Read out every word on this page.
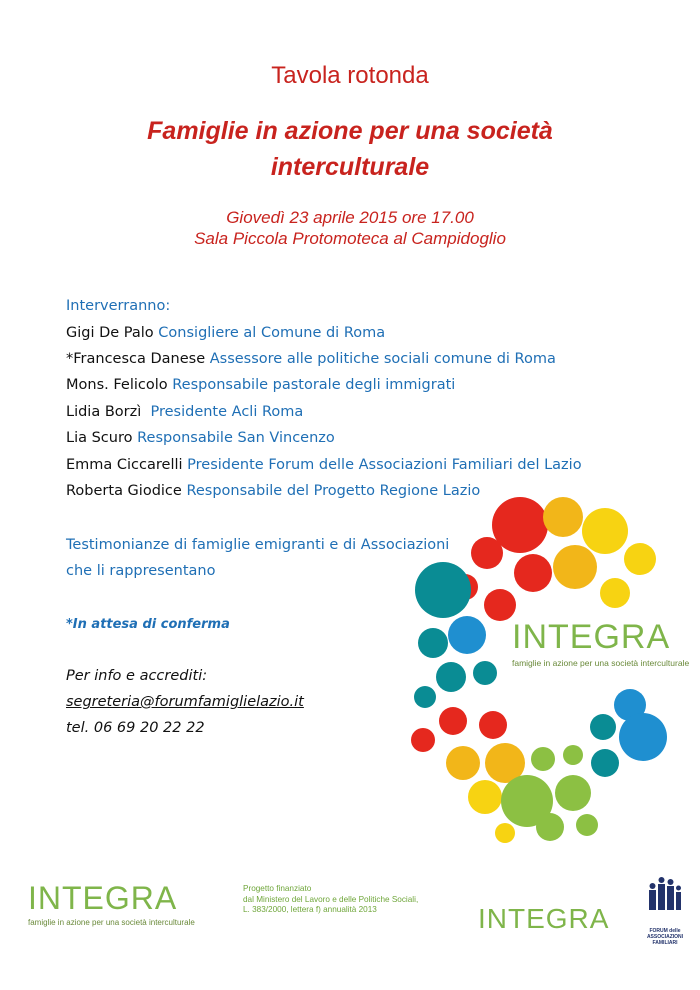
Tavola rotonda
Famiglie in azione per una società
interculturale
Giovedì 23 aprile 2015 ore 17.00
Sala Piccola Protomoteca al Campidoglio
INTEGRA
famiglie in azione per una società interculturale
Interverranno:
Gigi De Palo Consigliere al Comune di Roma
*Francesca Danese Assessore alle politiche sociali comune di Roma
Mons. Felicolo Responsabile pastorale degli immigrati
Lidia Borzì Presidente Acli Roma
Lia Scuro Responsabile San Vincenzo
Emma Ciccarelli Presidente Forum delle Associazioni Familiari del Lazio
Roberta Giodice Responsabile del Progetto Regione Lazio
Testimonianze di famiglie emigranti e di Associazioni
che li rappresentano
*In attesa di conferma
Per info e accrediti:
segreteria@forumfamiglielazio.it
tel. 06 69 20 22 22
INTEGRA
famiglie in azione per una società interculturale
Progetto finanziato
dal Ministero del Lavoro e delle Politiche Sociali,
L. 383/2000, lettera f) annualità 2013	INTEGRA	FORUM delle ASSOCIAZIONI FAMILIARI
